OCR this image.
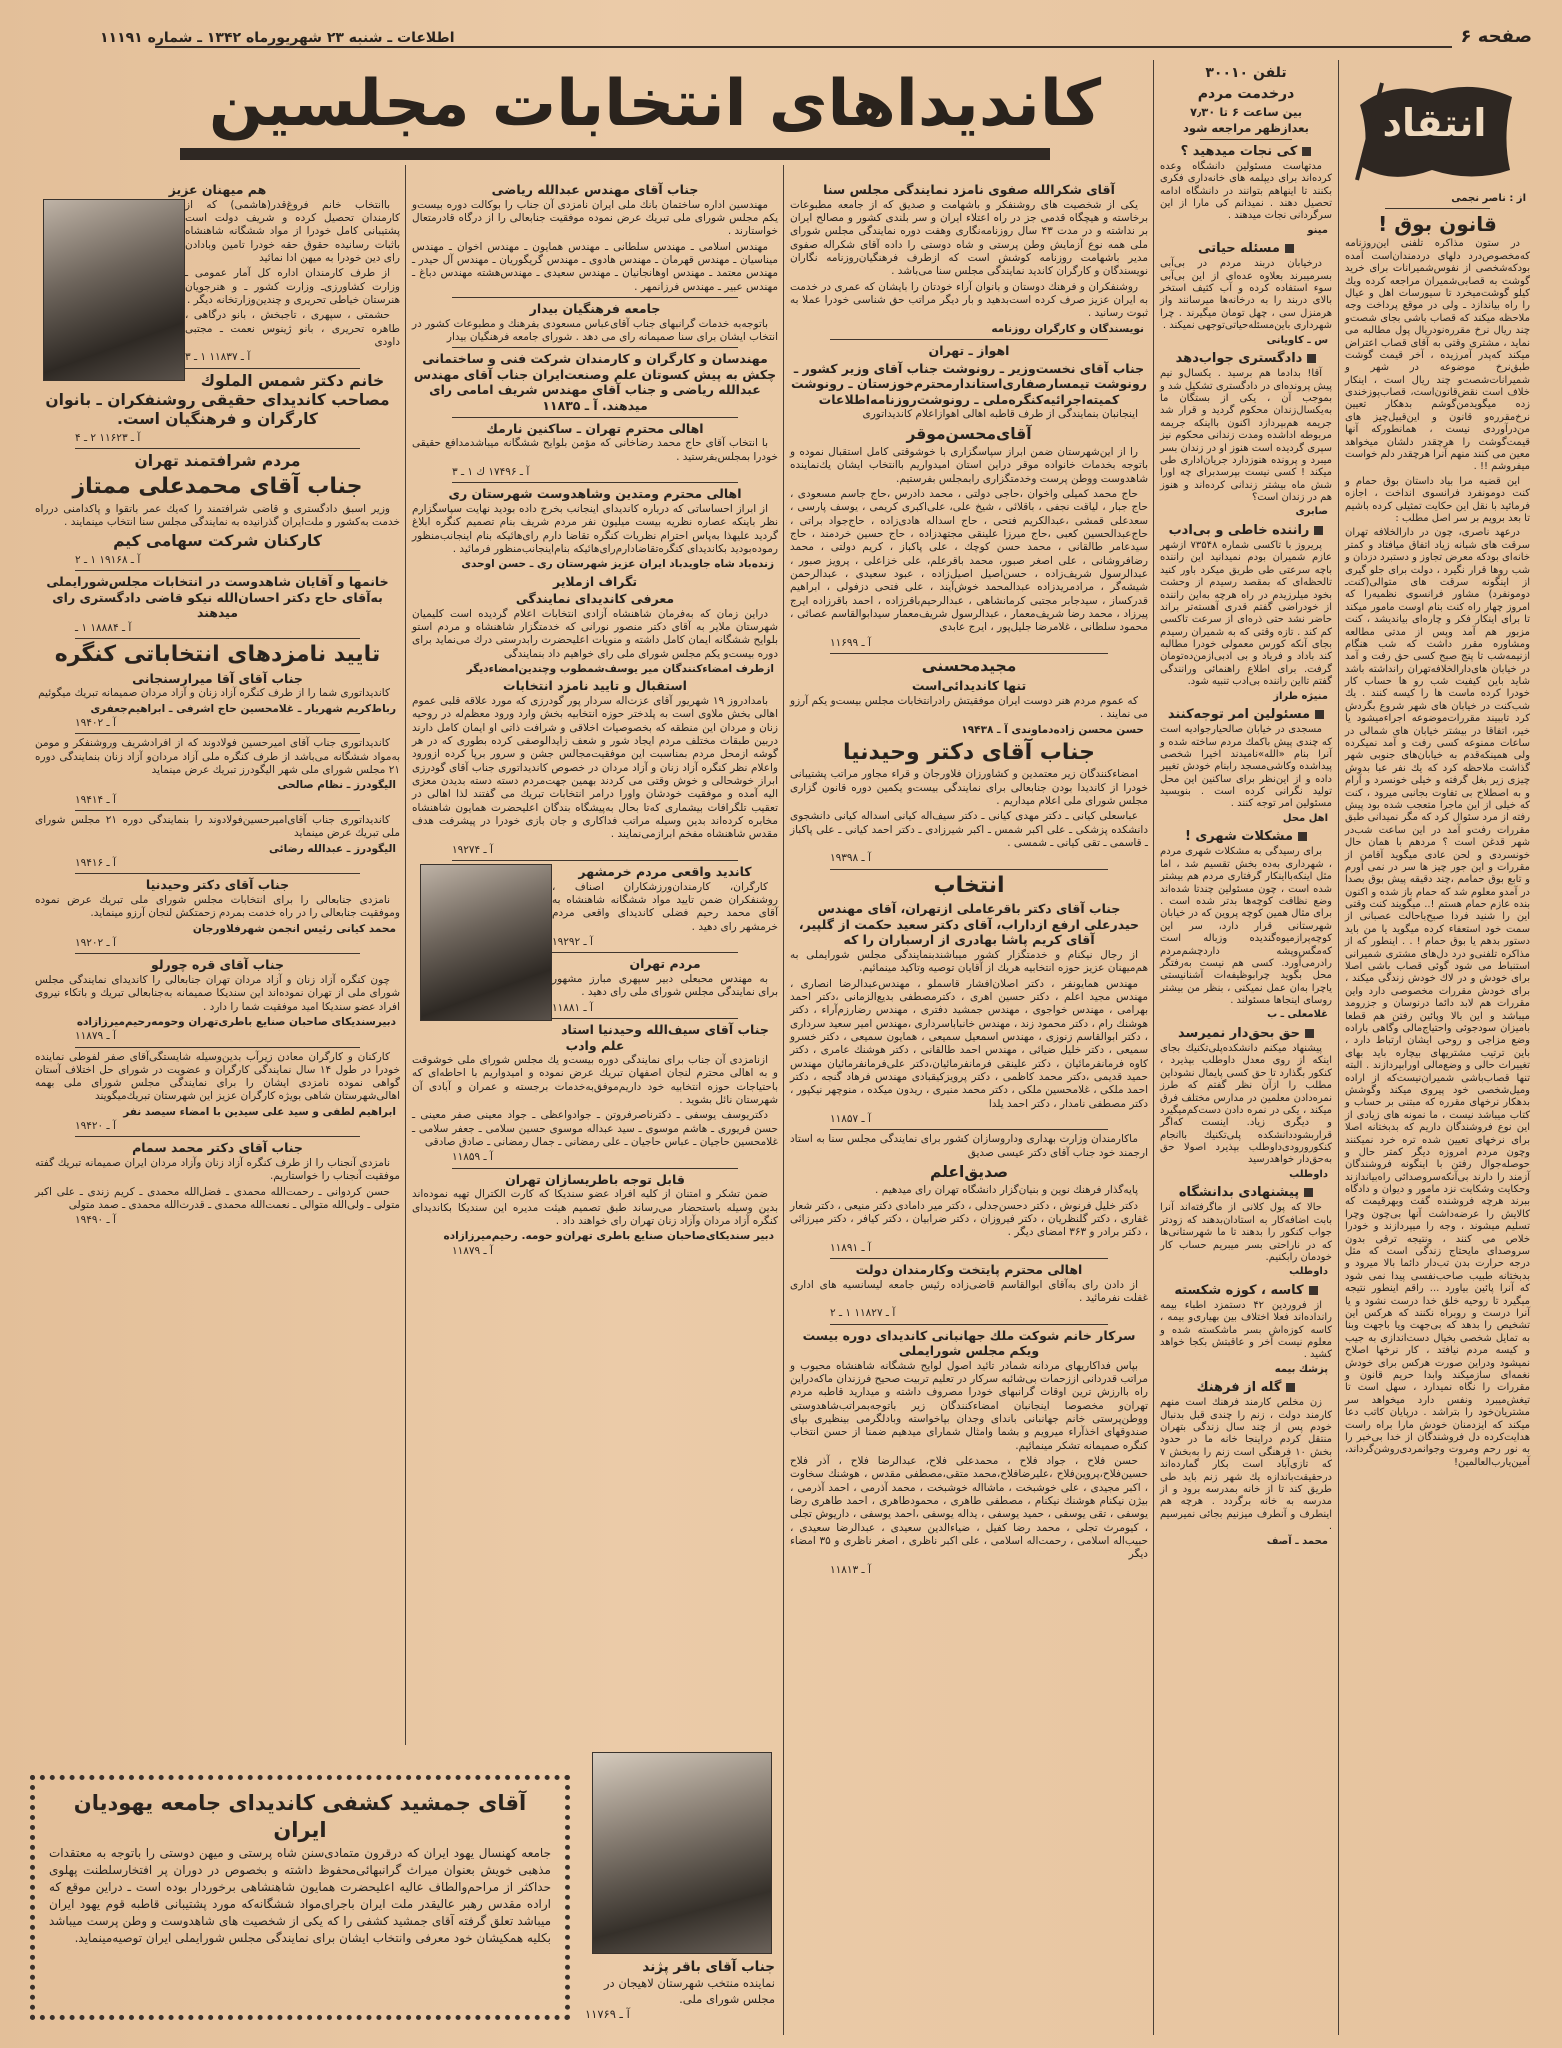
اطلاعات ـ شنبه ۲۳ شهریورماه ۱۳۴۲ ـ شماره ۱۱۱۹۱	صفحه ۶
کاندیداهای انتخابات مجلسین
هم میهنان عزیز
باانتخاب خانم فروغ‌قدر(هاشمی) که از کارمندان تحصیل کرده و شریف دولت است پشتیبانی کامل خودرا از مواد ششگانه شاهنشاه باثبات رسانیده حقوق حقه خودرا تامین وبادادن رای دین خودرا به میهن ادا نمائید
از طرف کارمندان اداره کل آمار عمومی ـ وزارت کشاورزی‌ـ وزارت کشور ـ و هنرجویان هنرستان خیاطی تحریری و چندین‌وزارتخانه دیگر .
حشمتی ، سپهری ، تاجبخش ، بانو درگاهی ، طاهره تحریری ، بانو ژینوس نعمت ـ مجتبی داودی
آ ـ ۱۱۸۳۷ ۱ ـ ۳
خانم دکتر شمس الملوك مصاحب کاندیدای حقیقی روشنفکران ـ بانوان کارگران و فرهنگیان است.
آ ـ ۱۱۶۲۳ ۲ ـ ۴
مردم شرافتمند تهران
جناب آقای محمدعلی ممتاز
وزیر اسبق دادگستری و قاضی شرافتمند را که‌یك عمر باتقوا و پاکدامنی درراه خدمت به‌کشور و ملت‌ایران گذرانیده به نمایندگی مجلس سنا انتخاب مینمایند .
کارکنان شرکت سهامی کیم
آ ـ ۱۹۱۶۸ ۱ ـ ۲
خانمها و آقایان شاهدوست در انتخابات مجلس‌شورایملی به‌آقای حاج دکتر احسان‌الله نیکو قاضی دادگستری رای میدهند
آ ـ ۱۸۸۸۴ ۱ ـ
تایید نامزدهای انتخاباتی کنگره
جناب آقای آقا میرارسنجانی
کاندیداتوری شما را از طرف کنگره آزاد زنان و آزاد مردان صمیمانه تبریك میگوئیم
رباط‌کریم شهریار ـ غلامحسین حاج اشرفی ـ ابراهیم‌جعفری
آ ـ ۱۹۴۰۲
کاندیداتوری جناب آقای امیرحسین فولادوند که از افرادشریف وروشنفکر و مومن به‌مواد ششگانه می‌باشد از طرف کنگره ملی آزاد مردان‌و آزاد زنان بنمایندگی دوره ۲۱ مجلس شورای ملی شهر الیگودرز تبریك عرض مینماید
الیگودرز ـ نظام صالحی
آ ـ ۱۹۴۱۴
کاندیداتوری جناب آقای‌امیرحسین‌فولادوند را بنمایندگی دوره ۲۱ مجلس شورای ملی تبریك عرض مینماید
الیگودرز ـ عبدالله رضائی
آ ـ ۱۹۴۱۶
جناب آقای دکتر وحیدنیا
نامزدی جنابعالی را برای انتخابات مجلس شورای ملی تبریك عرض نموده وموفقیت جنابعالی را در راه خدمت بمردم زحمتکش لنجان آرزو مینماید.
محمد کیانی رئیس انجمن شهرفلاورجان
آ ـ ۱۹۲۰۲
جناب آقای قره چورلو
چون کنگره آزاد زنان و آزاد مردان تهران جنابعالی را کاندیدای نمایندگی مجلس شورای ملی از تهران نموده‌اند این سندیکا صمیمانه به‌جنابعالی تبریك و باتکاء نیروی افراد عضو سندیکا امید موفقیت شما را دارد .
دبیرسندیکای صاحبان صنایع باطری‌تهران وحومه‌رحیم‌میرزازاده
آ ـ ۱۱۸۷۹
کارکنان و کارگران معادن زیرآب بدین‌وسیله شایستگی‌آقای صفر لفوطی نماینده خودرا در طول ۱۴ سال نمایندگی کارگران و عضویت در شورای حل اختلاف آستان گواهی نموده نامزدی ایشان را برای نمایندگی مجلس شورای ملی بهمه اهالی‌شهرستان شاهی بویژه کارگران عزیز این شهرستان تبریك‌میگویند
ابراهیم لطفی و سید علی سیدین با امضاء سیصد نفر
آ ـ ۱۹۴۲۰
جناب آقای دکتر محمد سمام
نامزدی آنجناب را از طرف کنگره آزاد زنان وآزاد مردان ایران صمیمانه تبریك گفته موفقیت آنجناب را خواستاریم.
حسن کردوانی ـ رحمت‌الله محمدی ـ فضل‌الله محمدی ـ کریم زندی ـ علی اکبر متولی ـ ولی‌الله متوالی ـ نعمت‌الله محمدی ـ قدرت‌الله محمدی ـ صمد متولی
آ ـ ۱۹۴۹۰
جناب آقای مهندس عبدالله ریاضی
مهندسین اداره ساختمان بانك ملی ایران نامزدی آن جناب را بوکالت دوره بیست‌و یکم مجلس شورای ملی تبریك عرض نموده موفقیت جنابعالی را از درگاه قادرمتعال خواستارند .
مهندس اسلامی ـ مهندس سلطانی ـ مهندس همایون ـ مهندس اخوان ـ مهندس میناسیان ـ مهندس قهرمان ـ مهندس هادوی ـ مهندس گریگوریان ـ مهندس آل حیدر ـ مهندس معتمد ـ مهندس اوهانجانیان ـ مهندس سعیدی ـ مهندس‌هشته مهندس دباغ ـ مهندس عبیر ـ مهندس فرزانمهر .
جامعه فرهنگیان بیدار
باتوجه‌به خدمات گرانبهای جناب آقای‌عباس مسعودی بفرهنك و مطبوعات کشور در انتخاب ایشان برای سنا صمیمانه رای می دهد . شورای جامعه فرهنگیان بیدار
مهندسان و کارگران و کارمندان شرکت فنی و ساختمانی چکش به پیش کسوتان علم وصنعت‌ایران جناب آقای مهندس عبدالله ریاضی و جناب آقای مهندس شریف امامی رای میدهند. آ ـ ۱۱۸۳۵
اهالی محترم تهران ـ ساکنین نارمك
با انتخاب آقای حاج محمد رضاخانی که مؤمن بلوایح ششگانه میباشدمدافع حقیقی خودرا بمجلس‌بفرستید .
آ ـ ۱۷۴۹۶ ك ۱ ـ ۳
اهالی محترم ومتدین وشاهدوست شهرستان ری
از ابراز احساساتی که درباره کاندیدای اینجانب بخرج داده بودید نهایت سپاسگزارم نظر باینکه عصاره نظریه بیست میلیون نفر مردم شریف بنام تصمیم کنگره ابلاغ گردید علیهذا به‌پاس احترام نظریات کنگره تقاضا دارم رای‌هائیکه بنام اینجانب‌منظور رموده‌بودید بکاندیدای کنگره‌تقاضادارم‌رای‌هائیکه بنام‌اینجانب‌منظور فرمائید .
زنده‌باد شاه جاویدباد ایران عزیز شهرستان ری ـ حسن اوحدی
تگراف ازملایر
معرفی کاندیدای نمایندگی
دراین زمان که به‌فرمان شاهنشاه آزادی انتخابات اعلام گردیده است کلیمیان شهرستان ملایر به آقای دکتر منصور نورانی که خدمتگزار شاهنشاه و مردم استو بلوایح ششگانه ایمان کامل داشته و منویات اعلیحضرت رابدرستی درك می‌نماید برای دوره بیست‌و یکم مجلس شورای ملی رای خواهیم داد بنمایندگی
ازطرف امضاءکنندگان میر یوسف‌شمطوب وچندین‌امضاءدیگر
استقبال و تایید نامزد انتخابات
بامدادروز ۱۹ شهریور آقای عزت‌اله سردار پور گودرزی که مورد علاقه قلبی عموم اهالی بخش ملاوی است به پلدختر حوزه انتخابیه بخش وارد ورود معظم‌له در روحیه زنان و مردان این منطقه که بخصوصیات اخلاقی و شرافت ذاتی او ایمان کامل دارند دربین طبقات مختلف مردم ایجاد شور و شعف زایدالوصفی کرده بطوری که در هر گوشه ازمحل مردم بمناسبت این موفقیت‌مجالس جشن و سرور برپا کرده ازورود واعلام نظر کنگره آزاد زنان و آزاد مردان در خصوص کاندیداتوری جناب آقای گودرزی ابراز خوشحالی و خوش وقتی می کردند بهمین جهت‌مردم دسته دسته بدیدن معزی الیه آمده و موفقیت خودشان واورا درامر انتخابات تبریك می گفتند لذا اهالی در تعقیب تلگرافات بیشماری که‌تا بحال به‌پیشگاه بندگان اعلیحضرت همایون شاهنشاه مخابره کرده‌اند بدین وسیله مراتب فداکاری و جان بازی خودرا در پیشرفت هدف مقدس شاهنشاه مفخم ابراز‌می‌نمایند .
آ ـ ۱۹۲۷۴
کاندید واقعی مردم خرمشهر
کارگران، کارمندان‌ورزشکاران اصناف ، روشنفکران ضمن تایید مواد ششگانه شاهنشاه به آقای محمد رحیم فضلی کاندیدای واقعی مردم خرمشهر رای دهید .
آ ـ ۱۹۲۹۲
مردم تهران
به مهندس محبعلی دبیر سپهری مبارز مشهور برای نمایندگی مجلس شورای ملی رای دهید .
آ ـ ۱۱۸۸۱
جناب آقای سیف‌الله وحیدنیا استاد علم وادب
ازنامزدی آن جناب برای نمایندگی دوره بیست‌و یك مجلس شورای ملی خوشوقت و به اهالی محترم لنجان اصفهان تبریك عرض نموده و امیدواریم با احاطه‌ای که باحتیاجات حوزه انتخابیه خود داریم‌موفق‌به‌خدمات برجسته و عمران و آبادی آن شهرستان نائل بشوید .
دکتریوسف یوسفی ـ دکترناصرفروتن ـ جوادواعظی ـ جواد معینی صفر معینی ـ حسن فریوری ـ هاشم موسوی ـ سید عبداله موسوی حسین سلامی ـ جعفر سلامی ـ غلامحسین حاجیان ـ عباس حاجیان ـ علی رمضانی ـ جمال رمضانی ـ صادق صادقی
آ ـ ۱۱۸۵۹
قابل توجه باطریسازان تهران
ضمن تشکر و امتنان از کلیه افراد عضو سندیکا که کارت الکترال تهیه نموده‌اند بدین وسیله باستحضار می‌رساند طبق تصمیم هیئت مدیره این سندیکا بکاندیدای کنگره آزاد مردان وآزاد زنان تهران رای خواهند داد .
دبیر سندیکای‌صاحبان صنایع باطری تهران‌و حومه. رحیم‌میرزازاده
آ ـ ۱۱۸۷۹
آقای شکرالله صفوی نامزد نمایندگی مجلس سنا
یکی از شخصیت های روشنفکر و باشهامت و صدیق که از جامعه مطبوعات برخاسته و هیچگاه قدمی جز در راه اعتلاء ایران و سر بلندی کشور و مصالح ایران بر نداشته و در مدت ۴۳ سال روزنامه‌نگاری وهفت دوره نمایندگی مجلس شورای ملی همه نوع آزمایش وطن پرستی و شاه دوستی را داده آقای شکراله صفوی مدیر باشهامت روزنامه کوشش است که ازطرف فرهنگیان‌روزنامه نگاران نویسندگان و کارگران کاندید نمایندگی مجلس سنا می‌باشد .
روشنفکران و فرهنك دوستان و بانوان آراء خودتان را بایشان که عمری در خدمت به ایران عزیز صرف کرده است‌بدهید و بار دیگر مراتب حق شناسی خودرا عملا به ثبوت رسانید .
نویسندگان و کارگران روزنامه
اهواز ـ تهران
جناب آقای نخست‌وزیر ـ رونوشت جناب آقای وزیر کشور ـ رونوشت تیمسارصفاری‌استاندارمحترم‌خوزستان ـ رونوشت کمیته‌اجرائیه‌کنگره‌ملی ـ رونوشت‌روزنامه‌اطلاعات
اینجانبان بنمایندگی از طرف قاطبه اهالی اهوازاعلام کاندیداتوری
آقای‌محسن‌موقر
را از این‌شهرستان ضمن ابراز سپاسگزاری با خوشوقتی کامل استقبال نموده و باتوجه بخدمات خانواده موقر دراین استان امیدواریم باانتخاب ایشان یك‌نماینده شاهدوست ووطن پرست وخدمتگزاری رابمجلس بفرستیم.
حاج محمد کمیلی واخوان ،حاجی دولتی ، محمد دادرس ،حاج جاسم مسعودی ، حاج جبار ، لیاقت نجفی ، باقلائی ، شیخ علی، علی‌اکبری کریمی ، یوسف پارسی ، سعدعلی قمشی ،عبدالکریم فتحی ، حاج اسداله هادی‌زاده ، حاج‌جواد براتی ، حاج‌عبدالحسین کعبی ،حاج میرزا علینقی مجتهدزاده ، حاج حسین خردمند ، حاج سیدعامر طالقانی ، محمد حسن کوچك ، علی پاکباز ، کریم دولتی ، محمد رضافروشانی ، علی اصغر صبور، محمد باقرعلم، علی خزاعلی ، پرویز صبور ، عبدالرسول شریف‌زاده ، حسن‌اصیل اصیل‌زاده ، عبود سعیدی ، عبدالرحمن شیشه‌گر ، مرادمریدزاده عبدالمحمد خوش‌آیند ، علی فتحی دزفولی ، ابراهیم قدرکساز ، سیدجابر مجتبی کرمانشاهی ، عبدالرحیم‌باقرزاده ، احمد باقرزاده ایرج پیرزاد ، محمد رضا شریف‌معمار ، عبدالرسول شریف‌معمار سیدابوالقاسم عصائی ، محمود سلطانی ، غلامرضا جلیل‌پور ، ایرج عابدی
آ ـ ۱۱۶۹۹
مجیدمحسنی
تنها کاندیدائی‌است
که عموم مردم هنر دوست ایران موفقیتش رادرانتخابات مجلس بیست‌و یکم آرزو می نمایند .
حسن محسن زاده‌دماوندی آ ـ ۱۹۴۳۸
جناب آقای دکتر وحیدنیا
امضاءکنندگان زیر معتمدین و کشاورزان فلاورجان و قراء مجاور مراتب پشتیبانی خودرا از کاندیدا بودن جنابعالی برای نمایندگی بیست‌و یکمین دوره قانون گزاری مجلس شورای ملی اعلام میداریم .
عباسعلی کیانی ـ دکتر مهدی کیانی ـ دکتر سیف‌اله کیانی اسداله کیانی دانشجوی دانشکده پزشکی ـ علی اکبر شمس ـ اکبر شیرزادی ـ دکتر احمد کیانی ـ علی پاکباز ـ قاسمی ـ تقی کیانی ـ شمسی .
آ ـ ۱۹۳۹۸
انتخاب
جناب آقای دکتر باقرعاملی ازتهران، آقای مهندس حیدرعلی ارفع ازداراب، آقای دکتر سعید حکمت از گلپیر، آقای کریم پاشا بهادری از ارسباران را که
از رجال نیکنام و خدمتگزار کشور میباشندبنمایندگی مجلس شورایملی به هم‌میهنان عزیز حوزه انتخابیه هریك از آقایان توصیه وتاکید مینمائیم.
مهندس همایونفر ، دکتر اصلان‌افشار قاسملو ، مهندس‌عبدالرضا انصاری ، مهندس مجید اعلم ، دکتر حسین اهری ، دکترمصطفی بدیع‌الزمانی ،دکتر احمد بهرامی ، مهندس خواجوی ، مهندس جمشید دفتری ، مهندس رضارزم‌آراء ، دکتر هوشنك رام ، دکتر محمود زند ، مهندس خانباباسرداری ،مهندس امیر سعید سرداری ، دکتر ابوالقاسم زنوزی ، مهندس اسمعیل سمیعی ، همایون سمیعی ، دکتر خسرو سمیعی ، دکتر خلیل ضیائی ، مهندس احمد طالقانی ، دکتر هوشنك عامری ، دکتر کاوه فرمانفرمائیان ، دکتر علینقی فرمانفرمائیان،دکتر علی‌فرمانفرمائیان مهندس حمید قدیمی ،دکتر محمد کاظمی ، دکتر پرویزکیقبادی مهندس فرهاد گنجه ، دکتر احمد ملکی ، غلامحسین ملکی ، دکتر محمد منیری ، ریدون میکده ، منوچهر نیکپور ، دکتر مصطفی نامدار ، دکتر احمد یلدا
آ ـ ۱۱۸۵۷
ماکارمندان وزارت بهداری وداروسازان کشور برای نمایندگی مجلس سنا به استاد ارجمند خود جناب آقای دکتر عیسی صدیق
صدیق‌اعلم
پایه‌گذار فرهنك نوین و بنیان‌گزار دانشگاه تهران رای میدهیم .
دکتر خلیل فرنوش ، دکتر دحسن‌جدلی ، دکتر میر دامادی دکتر منیعی ، دکتر شعار غفاری ، دکتر گلنظریان ، دکتر فیروزان ، دکتر ضرابیان ، دکتر کیافر ، دکتر میرزائی ، دکتر برادر و ۳۶۳ امضای دیگر .
آ ـ ۱۱۸۹۱
اهالی محترم پایتخت وکارمندان دولت
از دادن رای به‌آقای ابوالقاسم قاضی‌زاده رئیس جامعه لیسانسیه های اداری غفلت نفرمائید .
آ ـ ۱۱۸۲۷ ۱ ـ ۲
سرکار خانم شوکت ملك جهانبانی کاندیدای دوره بیست ویکم مجلس شورایملی
بپاس فداکاریهای مردانه شمادر تائید اصول لوایح ششگانه شاهنشاه محبوب و مراتب قدردانی اززحمات بی‌شائبه سرکار در تعلیم تربیت صحیح فرزندان ماکه‌دراین راه باارزش ترین اوقات گرانبهای خودرا مصروف داشته و میدارید قاطبه مردم تهران‌و مخصوصا اینجانبان امضاءکنندگان زیر باتوجه‌بمراتب‌شاهدوستی ووطن‌پرستی خانم جهانبانی باندای وجدان بپاخواسته وبادلگرمی بینظیری بپای صندوقهای اخذآراء میرویم و بشما وامثال شمارای میدهیم ضمنا از حسن انتخاب کنگره صمیمانه تشکر مینمائیم.
حسن فلاح ، جواد فلاح ، محمدعلی فلاح، عبدالرضا فلاح ، آذر فلاح حسین‌فلاح،پروین‌فلاح ،علیرضافلاح،محمد متقی،مصطفی مقدس ، هوشنك سخاوت ، اکبر مجیدی ، علی خوشبخت ، ماشااله خوشبخت ، محمد آذرمی ، احمد آذرمی ، بیژن نیکنام هوشنك نیکنام ، مصطفی طاهری ، محمودطاهری ، احمد طاهری رضا یوسفی ، تقی یوسفی ، حمید یوسفی ، یداله یوسفی ،احمد یوسفی ، داریوش تجلی ، کیومرث تجلی ، محمد رضا کفیل ، ضیاءالدین سعیدی ، عبدالرضا سعیدی ، حبیب‌اله اسلامی ، رحمت‌اله اسلامی ، علی اکبر ناظری ، اصغر ناظری و ۳۵ امضاء دیگر
آ ـ ۱۱۸۱۳
تلفن ۳۰۰۱۰
درخدمت مردم
بین ساعت ۶ تا ۷٫۳۰
بعدازظهر مراجعه شود
کی نجات میدهید ؟
مدتهاست مسئولین دانشگاه وعده کرده‌اند برای دیپلمه های خانه‌داری فکری بکنند تا اینهاهم بتوانند در دانشگاه ادامه تحصیل دهند . نمیدانم کی مارا از این سرگردانی نجات میدهند .
مینو
مسئله حیاتی
درخیابان دربند مردم در بی‌آبی بسرمیبرند بعلاوه عده‌ای از این بی‌آبی سوء استفاده کرده و آب کثیف استخر بالای دربند را به درخانه‌ها میرسانند واز هرمنزل سی ، چهل تومان میگیرند . چرا شهرداری باین‌مسئله‌حیاتی‌توجهی نمیکند .
س ـ کاویانی
دادگستری جواب‌دهد
آقا! بدادما هم برسید . یکسال‌و نیم پیش پرونده‌ای در دادگستری تشکیل شد و بموجب آن ، یکی از بستگان ما به‌یکسال‌زندان محکوم گردید و قرار شد جریمه هم‌بپردازد اکنون بااینکه جریمه مربوطه اداشده ومدت زندانی محکوم نیز سپری گردیده است هنوز او در زندان بسر میبرد و پرونده هنوزدارد جریان‌اداری طی میکند ! کسی نیست بپرسدبرای چه اورا شش ماه بیشتر زندانی کرده‌اند و هنوز هم در زندان است؟
صابری
راننده خاطی و بی‌ادب
پریروز با تاکسی شماره ۷۳۵۴۸ ازشهر عازم شمیران بودم نمیدانید این راننده باچه سرعتی طی طریق میکرد باور کنید تالحظه‌ای که بمقصد رسیدم از وحشت بخود میلرزیدم در راه هرچه به‌این راننده از خودراضی گفتم قدری آهسته‌تر براند حاضر نشد حتی ذره‌ای از سرعت تاکسی کم کند . تازه وقتی که به شمیران رسیدم بجای آنکه کورس معمولی خودرا مطالبه کند باداد و فریاد و بی ادبی‌ازمن‌ده‌تومان گرفت. برای اطلاع راهنمائی ورانندگی گفتم تااین راننده بی‌ادب تنبیه شود.
منیژه طراز
مسئولین امر توجه‌کنند
مسجدی در خیابان صالحیارجوادیه است که چندی پیش باکمك مردم ساخته شده و آنرا بنام «الله»نامیدند اخیرا شخصی پیداشده وکاشی‌مسجد رابنام خودش تغییر داده و از این‌نظر برای ساکنین این محل تولید نگرانی کرده است . بنویسید مسئولین امر توجه کنند .
اهل محل
مشکلات شهری !
برای رسیدگی به مشکلات شهری مردم ، شهرداری به‌ده بخش تقسیم شد ، اما مثل اینکه‌بااینکار گرفتاری مردم هم بیشتر شده است ، چون مسئولین چندتا شده‌اند وضع نظافت کوچه‌ها بدتر شده است . برای مثال همین کوچه پروین که در خیابان شهرستانی قرار دارد، سر این کوچه‌پرازمیوه‌گندیده وزباله است که‌مگس‌وپشه داردچشم‌مردم رادرمی‌آورد. کسی هم نیست به‌رفتگر محل بگوید چرابوظیفه‌ات آشنانیستی یاچرا به‌ان عمل نمیکنی ، بنظر من بیشتر روسای اینجاها مسئولند .
غلامعلی ـ ب
حق بحق‌دار نمیرسد
پیشنهاد میکنم دانشکده‌پلی‌تکنیك بجای اینکه از روی معدل داوطلب بپذیرد ، کنکور بگذارد تا حق کسی پایمال نشود‌این مطلب را ازآن نظر گفتم که طرز نمره‌دادن معلمین در مدارس مختلف فرق میکند ، یکی در نمره دادن دست‌کم‌میگیرد و دیگری زیاد. اینست که‌اگر قراربشوددانشکده پلی‌تکنیك باانجام کنکورورودی‌داوطلب بپذیرد اصولا حق به‌حق‌دار خواهدرسید
داوطلب
پیشنهادی بدانشگاه
حالا که پول کلانی از ماگرفته‌اند آنرا بابت اضافه‌کار به استادان‌بدهند که زودتر جواب کنکور را بدهند تا ما شهرستانی‌ها که در ناراحتی بسر میبریم حساب کار خودمان رابکنیم.
داوطلب
کاسه ، کوزه شکسته
از فروردین ۴۲ دستمزد اطباء بیمه رانداده‌اند فعلا اختلاف بین بهیاری‌و بیمه ، کاسه کوزه‌اش بسر ماشکسته شده و معلوم نیست آخر و عاقبتش بکجا خواهد کشید .
پزشك بیمه
گله از فرهنك
زن مخلص کارمند فرهنك است منهم کارمند دولت ، زنم را چندی قبل بدنبال خودم پس از چند سال زندگی بتهران منتقل کردم دراینجا خانه ما در حدود بخش ۱۰ فرهنگی است زنم را به‌بخش ۷ که تازی‌آباد است بکار گمارده‌اند درحقیقت‌باندازه یك شهر زنم باید طی طریق کند تا از خانه بمدرسه برود و از مدرسه به خانه برگردد . هرچه هم اینطرف و آنطرف میزنیم بجائی نمیرسیم .
محمد ـ آصف
از : ناصر نجمی
قانون بوق !
در ستون مذاکره تلفنی این‌روزنامه که‌مخصوص‌درد دلهای دردمندان‌است آمده بودکه‌شخصی از نفوس‌شمیرانات برای خرید گوشت به قصابی‌شمیران مراجعه کرده ویك کیلو گوشت‌میخرد تا سیورسات اهل و عیال را راه بیاندازد ـ ولی در موقع پرداخت وجه ملاحظه میکند که قصاب باشی بجای شصت‌و چند ریال نرخ مقرره‌نودریال پول مطالبه می نماید ، مشتری وقتی به آقای قصاب اعتراض میکند که‌پدر آمرزیده ، آخر قیمت گوشت طبق‌نرخ موضوعه در شهر و شمیرانات‌شصت‌و چند ریال است ، اینکار خلاف است نقض‌قانون‌است، قصاب‌پوزخندی زده میگوید‌من‌گوشم بدهکار تعیین نرخ‌مقرره‌و قانون و این‌قبیل‌چیز های من‌درآوردی نیست ، همانطورکه آنها قیمت‌گوشت را هرچقدر دلشان میخواهد معین می کنند منهم آنرا هرچقدر دلم خواست میفروشم !! .
این قضیه مرا بیاد داستان بوق حمام و کنت دومونفرد فرانسوی انداخت ، اجازه فرمائید با نقل این حکایت تمثیلی کرده باشیم تا بعد برویم بر سر اصل مطلب :
درعهد ناصری، چون در دارالخلافه تهران سرقت های شبانه زیاد اتفاق میافتاد و کمتر خانه‌ای بودکه معرض تجاوز و دستبرد دزدان و شب روها قرار نگیرد ، دولت برای جلو گیری از اینگونه سرقت های متوالی(کنت‌ـ دومونفرد) مشاور فرانسوی نظمیه‌را که امروز چهار راه کنت بنام اوست مامور میکند تا برای اینکار فکر و چاره‌ای بیاندیشد ، کنت مزبور هم آمد وپس از مدتی مطالعه ومشاوره مقرر داشت که شب هنگام ازنیمه‌شب تا پنج صبح کسی حق رفت و آمد در خیابان های‌دارالخلافه‌تهران رانداشته باشد شاید باین کیفیت شب رو ها حساب کار خودرا کرده ماست ها را کیسه کنند . یك شب‌کنت در خیابان های شهر شروع بگردش کرد تاببیند مقررات‌موضوعه اجراءمیشود یا خیر، اتفاقا در بیشتر خیابان های شمالی در ساعات ممنوعه کسی رفت و آمد نمیکرده ولی همینکه‌قدم به خیابان‌های جنوبی شهر گذاشت ملاحظه کرد که یك نفر عبا بدوش چیزی زیر بغل گرفته و خیلی خونسرد و آرام و به اصطلاح بی تفاوت بجانبی میرود ، کنت که خیلی از این ماجرا متعجب شده بود پیش رفته از مرد سئوال کرد که مگر نمیدانی طبق مقررات رفت‌و آمد در این ساعت شب‌در شهر قدغن است ؟ مردهم با همان حال خونسردی و لحن عادی میگوید آقامن از مقررات و این جور چیز ها سر در نمی آورم و تابع بوق حمامم ،چند دقیقه پیش بوق بصدا در آمدو معلوم شد که حمام باز شده و اکنون بنده عازم حمام هستم !.. میگویند کنت وقتی این را شنید فردا صبح‌باحالت عصبانی از سمت خود استعفاء کرده میگوید یا من باید دستور بدهم یا بوق حمام ! . . اینطور که از مذاکره تلفنی‌و درد دل‌های مشتری شمیرانی استنباط می شود گوئی قصاب باشی اصلا برای خودش و در لاك خودش زندگی میکند ، برای خودش مقررات مخصوصی دارد واین مقررات هم لابد دائما درنوسان و جزرومد میباشد و این بالا وپائین رفتن هم قطعا بامیزان سودجوئی واحتیاج‌مالی وگاهی باراده وضع مزاجی و روحی ایشان ارتباط دارد ، باین ترتیب مشتریهای بیچاره باید بهای تغییرات حالی و وضع‌مالی اورابپردازند . البته تنها قصاب‌باشی شمیران‌نیست‌که از اراده ومیل‌شخصی خود پیروی میکند وگوشش بدهکار نرخهای مقرره که مبتنی بر حساب و کتاب میباشد نیست ، ما نمونه های زیادی از این نوع فروشندگان داریم که بدبختانه اصلا برای نرخهای تعیین شده تره خرد نمیکنند وچون مردم امروزه دیگر کمتر حال و حوصله‌جوال رفتن با اینگونه فروشندگان آزمند را دارند بی‌آنکه‌سروصدائی راه‌بیاندازند وحکایت وشکایت نزد مامور و دیوان و دادگاه ببرند هرچه فروشنده گفت وبهرقیمت که کالایش را عرضه‌داشت آنها بی‌چون وچرا تسلیم میشوند ، وجه را میپردازند و خودرا خلاص می کنند ، ونتیجه ترقی بدون سروصدای مایحتاج زندگی است که مثل درجه حرارت بدن تب‌دار دائما بالا میرود و بدبختانه طبیب صاحب‌نفسی پیدا نمی شود که آنرا پائین بیاورد ... راقم اینطور نتیجه میگیرد تا روحیه خلق خدا درست نشود و یا آنرا درست و روبراه نکنند که هرکس این تشخیص را بدهد که بی‌جهت ویا باجهت وبنا به تمایل شخصی بخیال دست‌اندازی به جیب و کیسه مردم نیافتد ، کار نرخها اصلاح نمیشود ودراین صورت هرکس برای خودش نغمه‌ای سازمیکند وابدا حریم قانون و مقررات را نگاه نمیدارد ، سهل است تا تیغش‌میبرد ونفس دارد میخواهد سر مشتریان‌خود را بتراشد . درپایان کاتب دعا میکند که ایزدمنان خودش مارا براه راست هدایت‌کرده دل فروشندگان از خدا بی‌خبر را به نور رحم ومروت وجوانمردی‌روشن‌گرداند، آمین‌یارب‌العالمین!
انتقاد
آقای جمشید کشفی کاندیدای جامعه یهودیان ایران
جامعه کهنسال یهود ایران که درقرون متمادی‌سنن شاه پرستی و میهن دوستی را باتوجه به معتقدات مذهبی خویش بعنوان میراث گرانبهائی‌محفوظ داشته و بخصوص در دوران پر افتخارسلطنت پهلوی حداکثر از مراحم‌والطاف عالیه اعلیحضرت همایون شاهنشاهی برخوردار بوده است ـ دراین موقع که اراده مقدس رهبر عالیقدر ملت ایران باجرای‌مواد ششگانه‌که مورد پشتیبانی قاطبه قوم یهود ایران میباشد تعلق گرفته آقای جمشید کشفی را که یکی از شخصیت های شاهدوست و وطن پرست میباشد بکلیه همکیشان خود معرفی وانتخاب ایشان برای نمایندگی مجلس شورایملی ایران توصیه‌مینماید.
جناب آقای باقر پژند
نماینده منتخب شهرستان لاهیجان در مجلس شورای ملی.
آ ـ ۱۱۷۶۹
